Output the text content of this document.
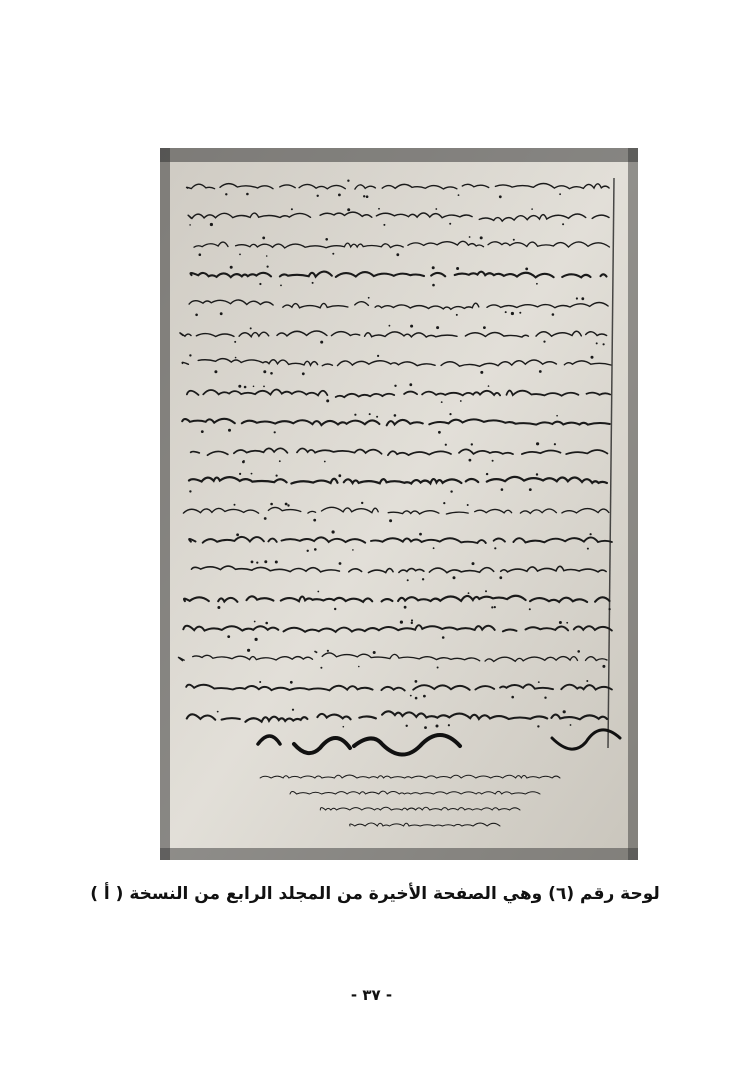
لوحة رقم (٦) وهي الصفحة الأخيرة من المجلد الرابع من النسخة ( أ )
- ٣٧ -
